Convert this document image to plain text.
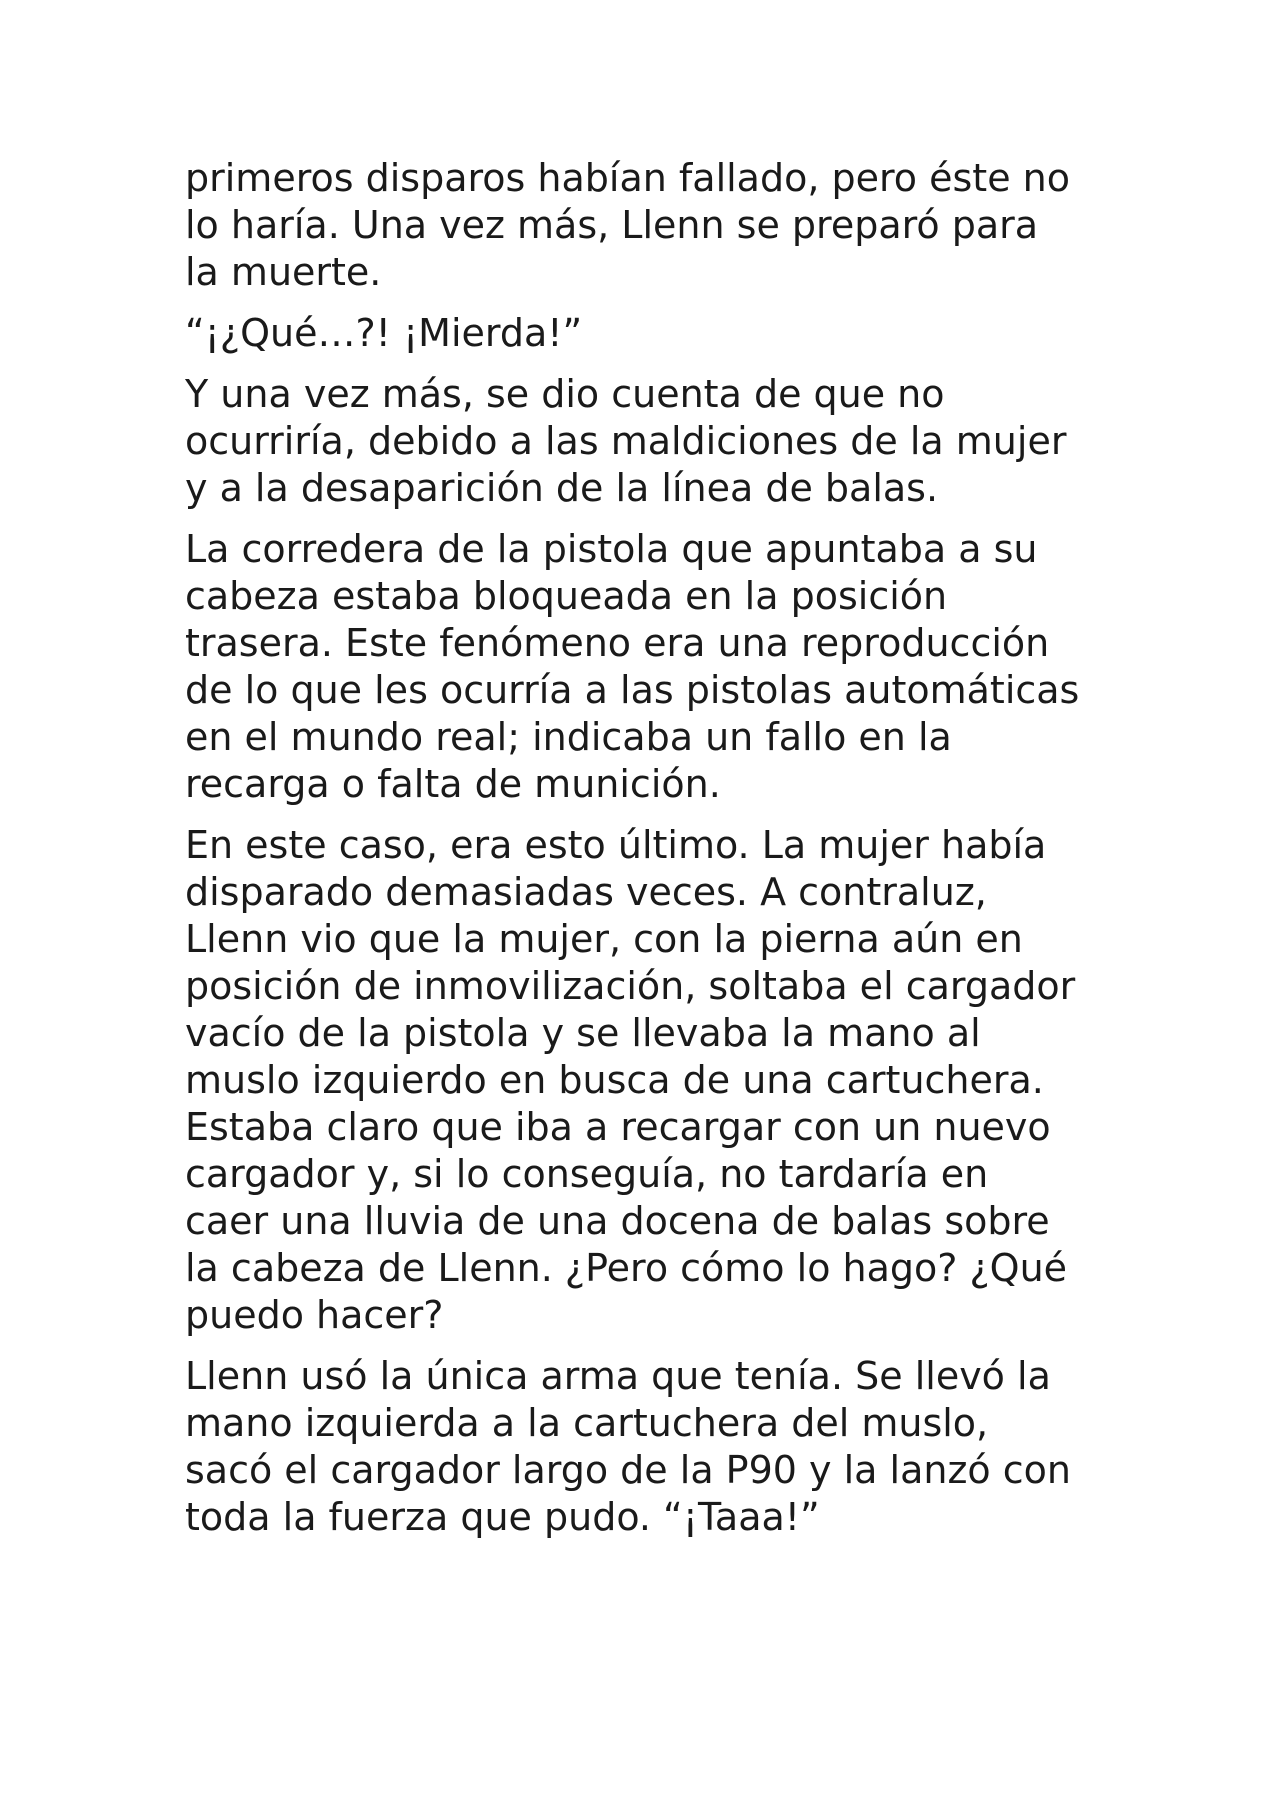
primeros disparos habían fallado, pero éste no
lo haría. Una vez más, Llenn se preparó para
la muerte.

“¡¿Qué…?! ¡Mierda!”

Y una vez más, se dio cuenta de que no
ocurriría, debido a las maldiciones de la mujer
y a la desaparición de la línea de balas.

La corredera de la pistola que apuntaba a su
cabeza estaba bloqueada en la posición
trasera. Este fenómeno era una reproducción
de lo que les ocurría a las pistolas automáticas
en el mundo real; indicaba un fallo en la
recarga o falta de munición.

En este caso, era esto último. La mujer había
disparado demasiadas veces. A contraluz,
Llenn vio que la mujer, con la pierna aún en
posición de inmovilización, soltaba el cargador
vacío de la pistola y se llevaba la mano al
muslo izquierdo en busca de una cartuchera.
Estaba claro que iba a recargar con un nuevo
cargador y, si lo conseguía, no tardaría en
caer una lluvia de una docena de balas sobre
la cabeza de Llenn. ¿Pero cómo lo hago? ¿Qué
puedo hacer?

Llenn usó la única arma que tenía. Se llevó la
mano izquierda a la cartuchera del muslo,
sacó el cargador largo de la P90 y la lanzó con
toda la fuerza que pudo. “¡Taaa!”
